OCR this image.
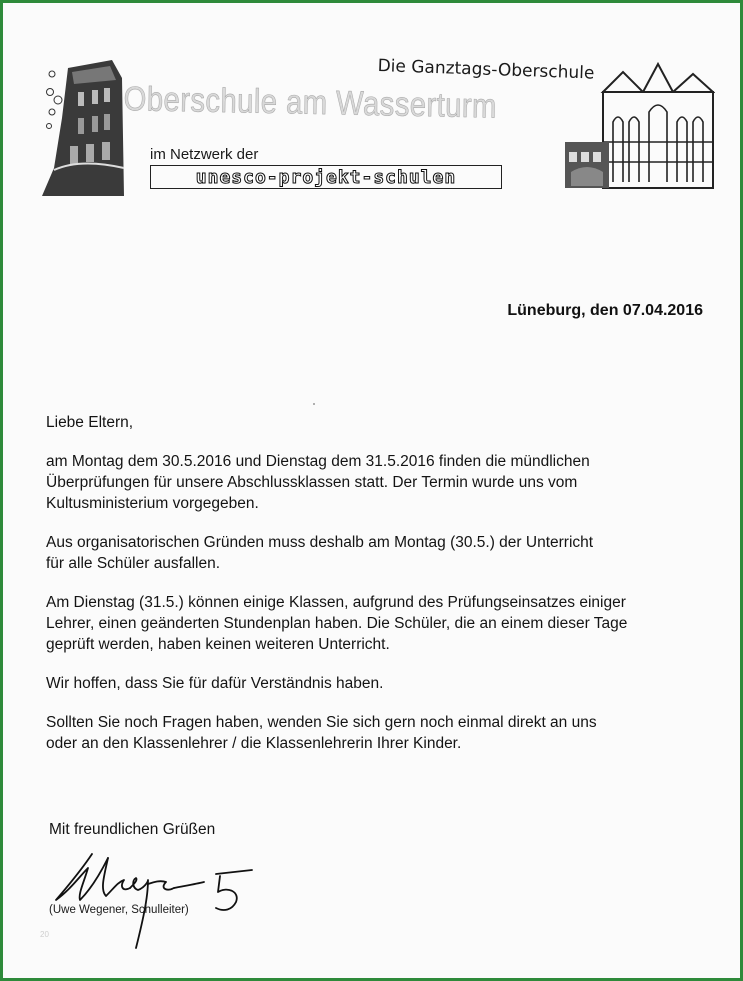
Oberschule am Wasserturm
Die Ganztags-Oberschule
im Netzwerk der
unesco-projekt-schulen
Lüneburg, den 07.04.2016

Liebe Eltern,

am Montag dem 30.5.2016 und Dienstag dem 31.5.2016 finden die mündlichen
Überprüfungen für unsere Abschlussklassen statt. Der Termin wurde uns vom
Kultusministerium vorgegeben.

Aus organisatorischen Gründen muss deshalb am Montag (30.5.) der Unterricht
für alle Schüler ausfallen.

Am Dienstag (31.5.) können einige Klassen, aufgrund des Prüfungseinsatzes einiger
Lehrer, einen geänderten Stundenplan haben. Die Schüler, die an einem dieser Tage
geprüft werden, haben keinen weiteren Unterricht.

Wir hoffen, dass Sie für dafür Verständnis haben.

Sollten Sie noch Fragen haben, wenden Sie sich gern noch einmal direkt an uns
oder an den Klassenlehrer / die Klassenlehrerin Ihrer Kinder.

Mit freundlichen Grüßen
(Uwe Wegener, Schulleiter)
20
